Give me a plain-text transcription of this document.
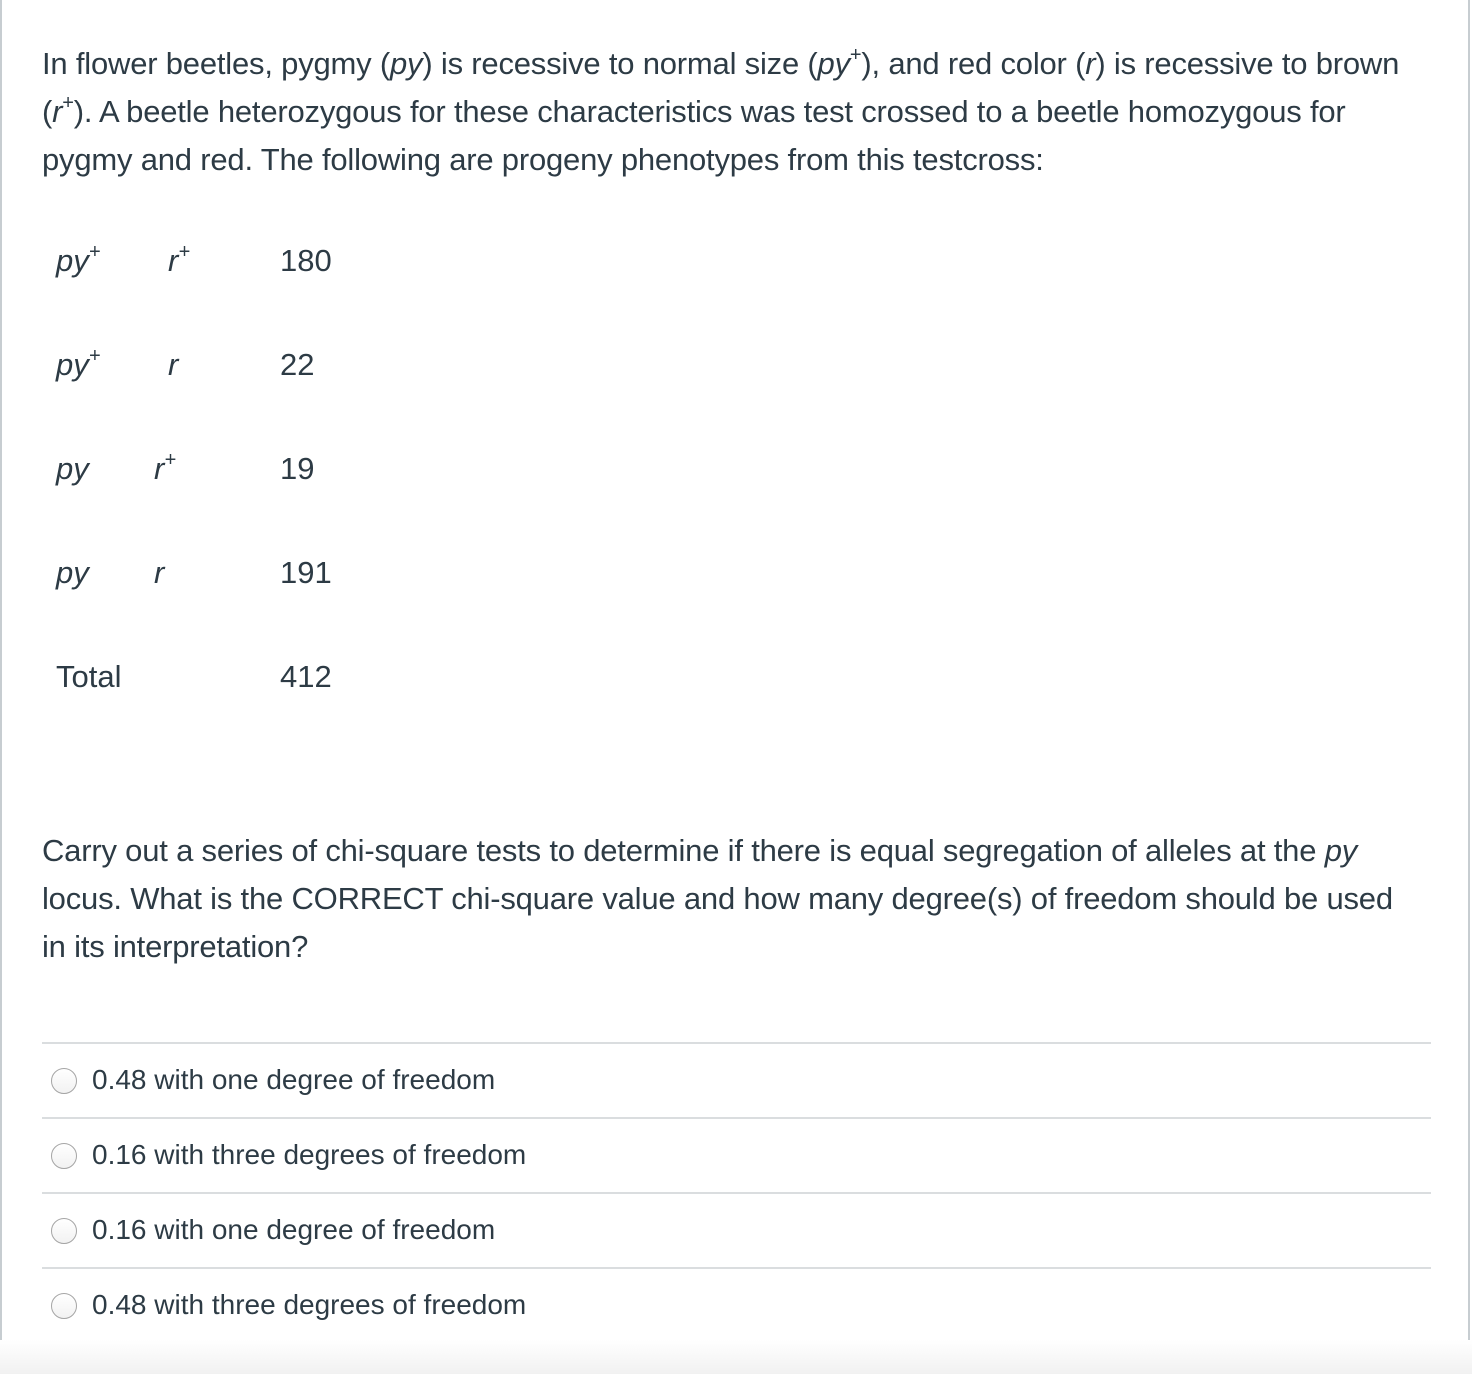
In flower beetles, pygmy (py) is recessive to normal size (py+), and red color (r) is recessive to brown
(r+). A beetle heterozygous for these characteristics was test crossed to a beetle homozygous for
pygmy and red. The following are progeny phenotypes from this testcross:

py+ r+	180
py+ r	22
py r+	19
py r	191
Total	412

Carry out a series of chi-square tests to determine if there is equal segregation of alleles at the py
locus. What is the CORRECT chi-square value and how many degree(s) of freedom should be used
in its interpretation?

0.48 with one degree of freedom
0.16 with three degrees of freedom
0.16 with one degree of freedom
0.48 with three degrees of freedom
